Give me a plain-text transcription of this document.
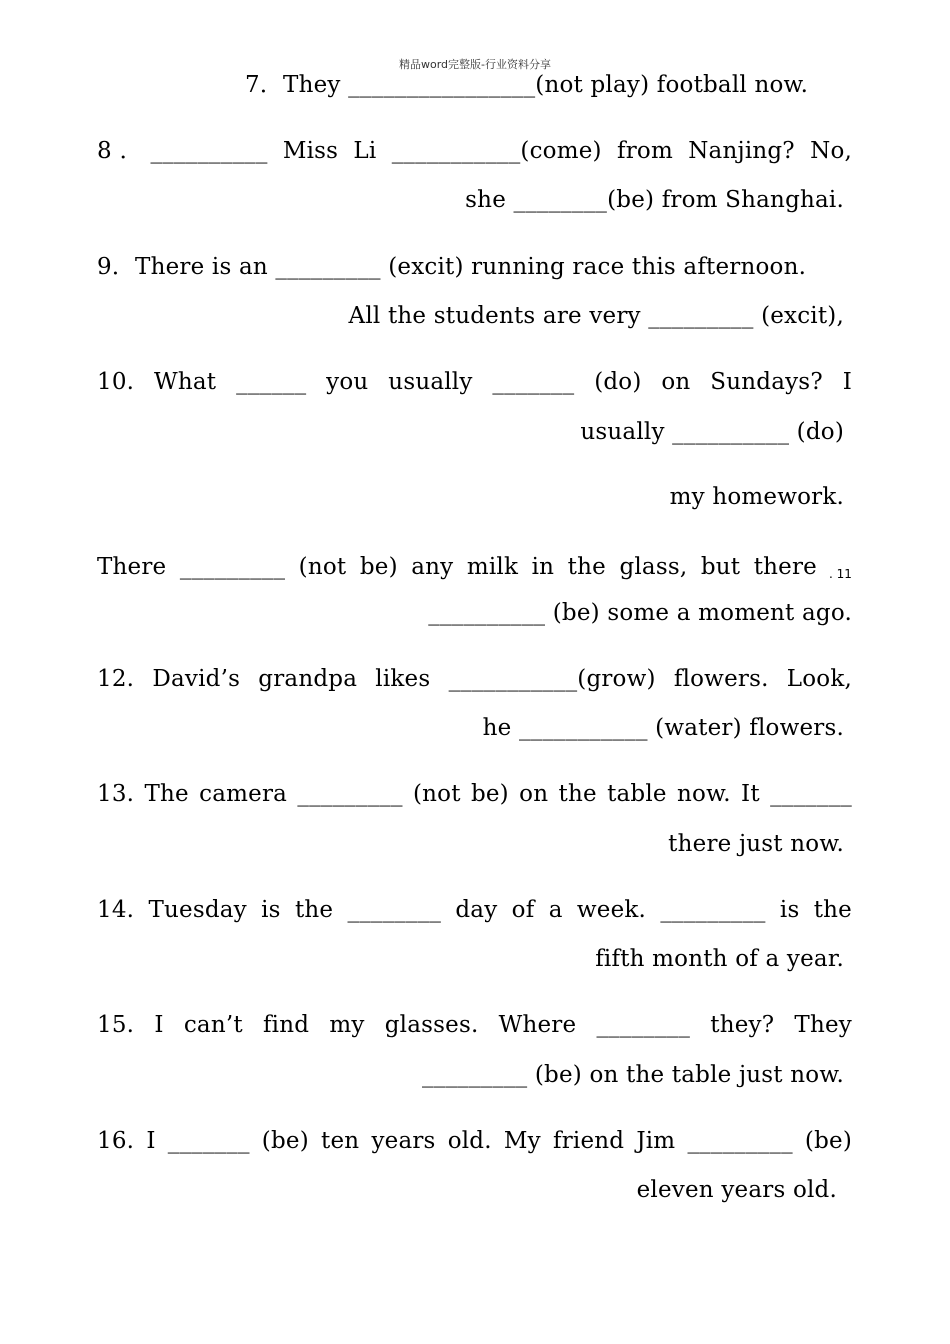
精品word完整版-行业资料分享
7．They ________________(not play) football now.
8．__________ Miss Li ___________(come) from Nanjing? No,
she ________(be) from Shanghai.
9．There is an _________ (excit) running race this afternoon.
All the students are very _________ (excit),
10. What ______ you usually _______ (do) on Sundays? I
usually __________ (do)
my homework.
There _________ (not be) any milk in the glass, but there . 11
__________ (be) some a moment ago.
12. David’s grandpa likes ___________(grow) flowers. Look,
he ___________ (water) flowers.
13. The camera _________ (not be) on the table now. It _______
there just now.
14. Tuesday is the ________ day of a week. _________ is the
fifth month of a year.
15. I can’t find my glasses. Where ________ they? They
_________ (be) on the table just now.
16. I _______ (be) ten years old. My friend Jim _________ (be)
eleven years old.
